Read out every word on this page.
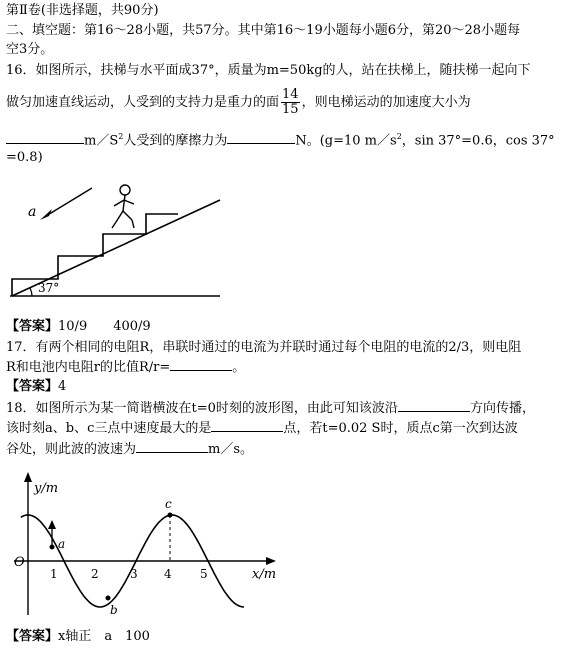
第Ⅱ卷(非选择题，共90分)
二、填空题：第16～28小题，共57分。其中第16～19小题每小题6分，第20～28小题每
空3分。
16．如图所示，扶梯与水平面成37°，质量为m=50kg的人，站在扶梯上，随扶梯一起向下
做匀加速直线运动，人受到的支持力是重力的面 $\frac{14}{15}$ ，则电梯运动的加速度大小为
$m/S^2$人受到的摩擦力为	N。(g=10 $m/s^2$，sin 37°=0.6，cos 37°
=0.8)
a
37°
【答案】10/9　　400/9
17．有两个相同的电阻R，串联时通过的电流为并联时通过每个电阻的电流的2/3，则电阻
R和电池内电阻r的比值R/r=	。
【答案】4
18．如图所示为某一简谐横波在t=0时刻的波形图，由此可知该波沿	方向传播，
该时刻a、b、c三点中速度最大的是	点，若t=0.02 S时，质点c第一次到达波
谷处，则此波的波速为	m／s。
y/m
x/m
O
1	2	3 4 5
a
b
c
【答案】x轴正　a　100
